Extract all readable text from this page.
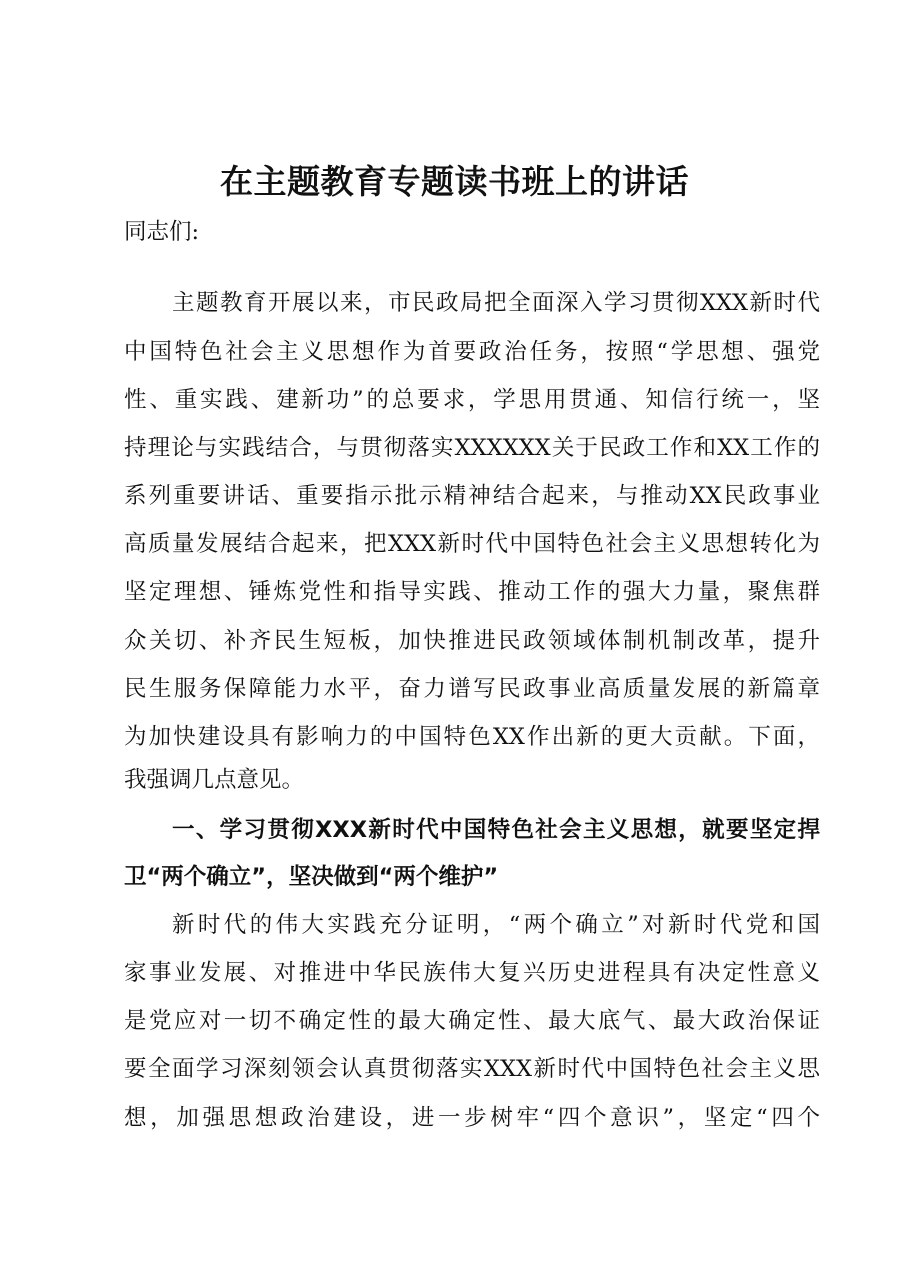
在主题教育专题读书班上的讲话
同志们:
主题教育开展以来，市民政局把全面深入学习贯彻XXX新时代
中国特色社会主义思想作为首要政治任务，按照“学思想、强党
性、重实践、建新功”的总要求，学思用贯通、知信行统一，坚
持理论与实践结合，与贯彻落实XXXXXX关于民政工作和XX工作的
系列重要讲话、重要指示批示精神结合起来，与推动XX民政事业
高质量发展结合起来，把XXX新时代中国特色社会主义思想转化为
坚定理想、锤炼党性和指导实践、推动工作的强大力量，聚焦群
众关切、补齐民生短板，加快推进民政领域体制机制改革，提升
民生服务保障能力水平，奋力谱写民政事业高质量发展的新篇章
为加快建设具有影响力的中国特色XX作出新的更大贡献。下面，
我强调几点意见。
一、学习贯彻XXX新时代中国特色社会主义思想，就要坚定捍
卫“两个确立”，坚决做到“两个维护”
新时代的伟大实践充分证明，“两个确立”对新时代党和国
家事业发展、对推进中华民族伟大复兴历史进程具有决定性意义
是党应对一切不确定性的最大确定性、最大底气、最大政治保证
要全面学习深刻领会认真贯彻落实XXX新时代中国特色社会主义思
想，加强思想政治建设，进一步树牢“四个意识”，坚定“四个
